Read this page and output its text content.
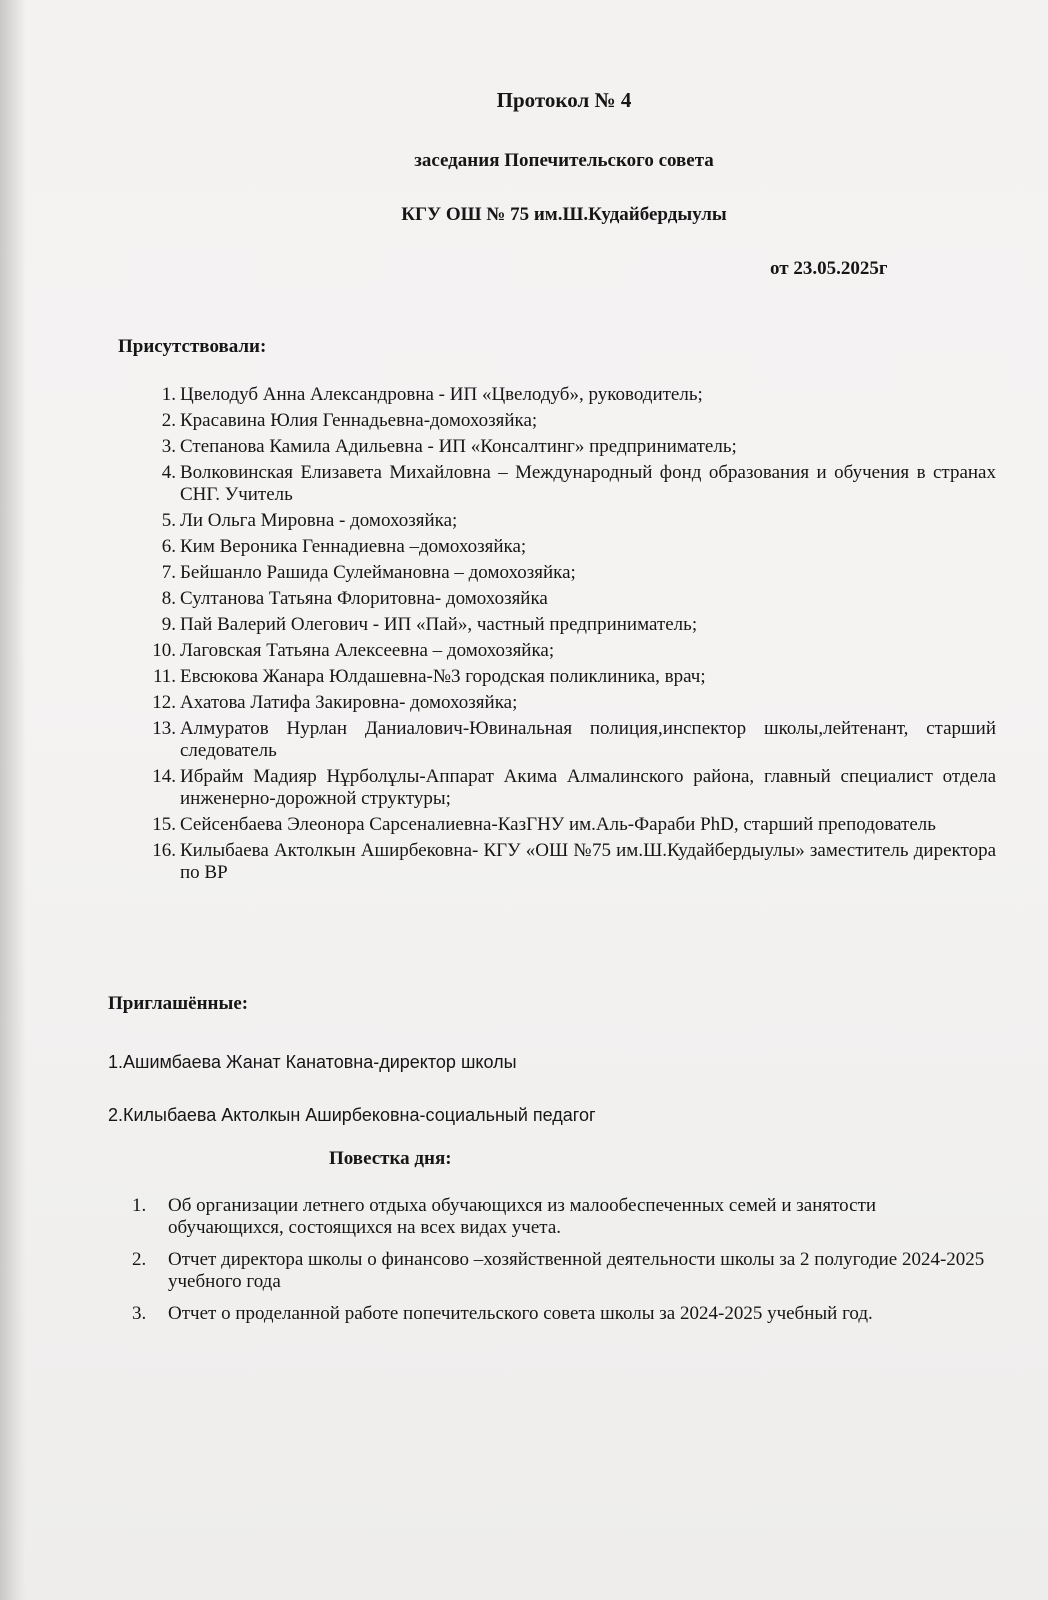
Протокол № 4
заседания Попечительского совета
КГУ ОШ № 75 им.Ш.Кудайбердыулы
от 23.05.2025г
Присутствовали:
1. Цвелодуб Анна Александровна - ИП «Цвелодуб», руководитель;
2. Красавина Юлия Геннадьевна-домохозяйка;
3. Степанова Камила Адильевна - ИП «Консалтинг» предприниматель;
4. Волковинская Елизавета Михайловна – Международный фонд образования и обучения в странах СНГ. Учитель
5. Ли Ольга Мировна - домохозяйка;
6. Ким Вероника Геннадиевна –домохозяйка;
7. Бейшанло Рашида Сулеймановна – домохозяйка;
8. Султанова Татьяна Флоритовна- домохозяйка
9. Пай Валерий Олегович - ИП «Пай», частный предприниматель;
10. Лаговская Татьяна Алексеевна – домохозяйка;
11. Евсюкова Жанара Юлдашевна-№3 городская поликлиника, врач;
12. Ахатова Латифа Закировна- домохозяйка;
13. Алмуратов Нурлан Даниалович-Ювинальная полиция,инспектор школы,лейтенант, старший следователь
14. Ибрайм Мадияр Нұрболұлы-Аппарат Акима Алмалинского района, главный специалист отдела инженерно-дорожной структуры;
15. Сейсенбаева Элеонора Сарсеналиевна-КазГНУ им.Аль-Фараби PhD, старший преподователь
16. Килыбаева Актолкын Аширбековна- КГУ «ОШ №75 им.Ш.Кудайбердыулы» заместитель директора по ВР
Приглашённые:
1.Ашимбаева Жанат Канатовна-директор школы
2.Килыбаева Актолкын Аширбековна-социальный педагог
Повестка дня:
1. Об организации летнего отдыха обучающихся из малообеспеченных семей и занятости обучающихся, состоящихся на всех видах учета.
2. Отчет директора школы о финансово –хозяйственной деятельности школы за 2 полугодие 2024-2025 учебного года
3. Отчет о проделанной работе попечительского совета школы за 2024-2025 учебный год.
